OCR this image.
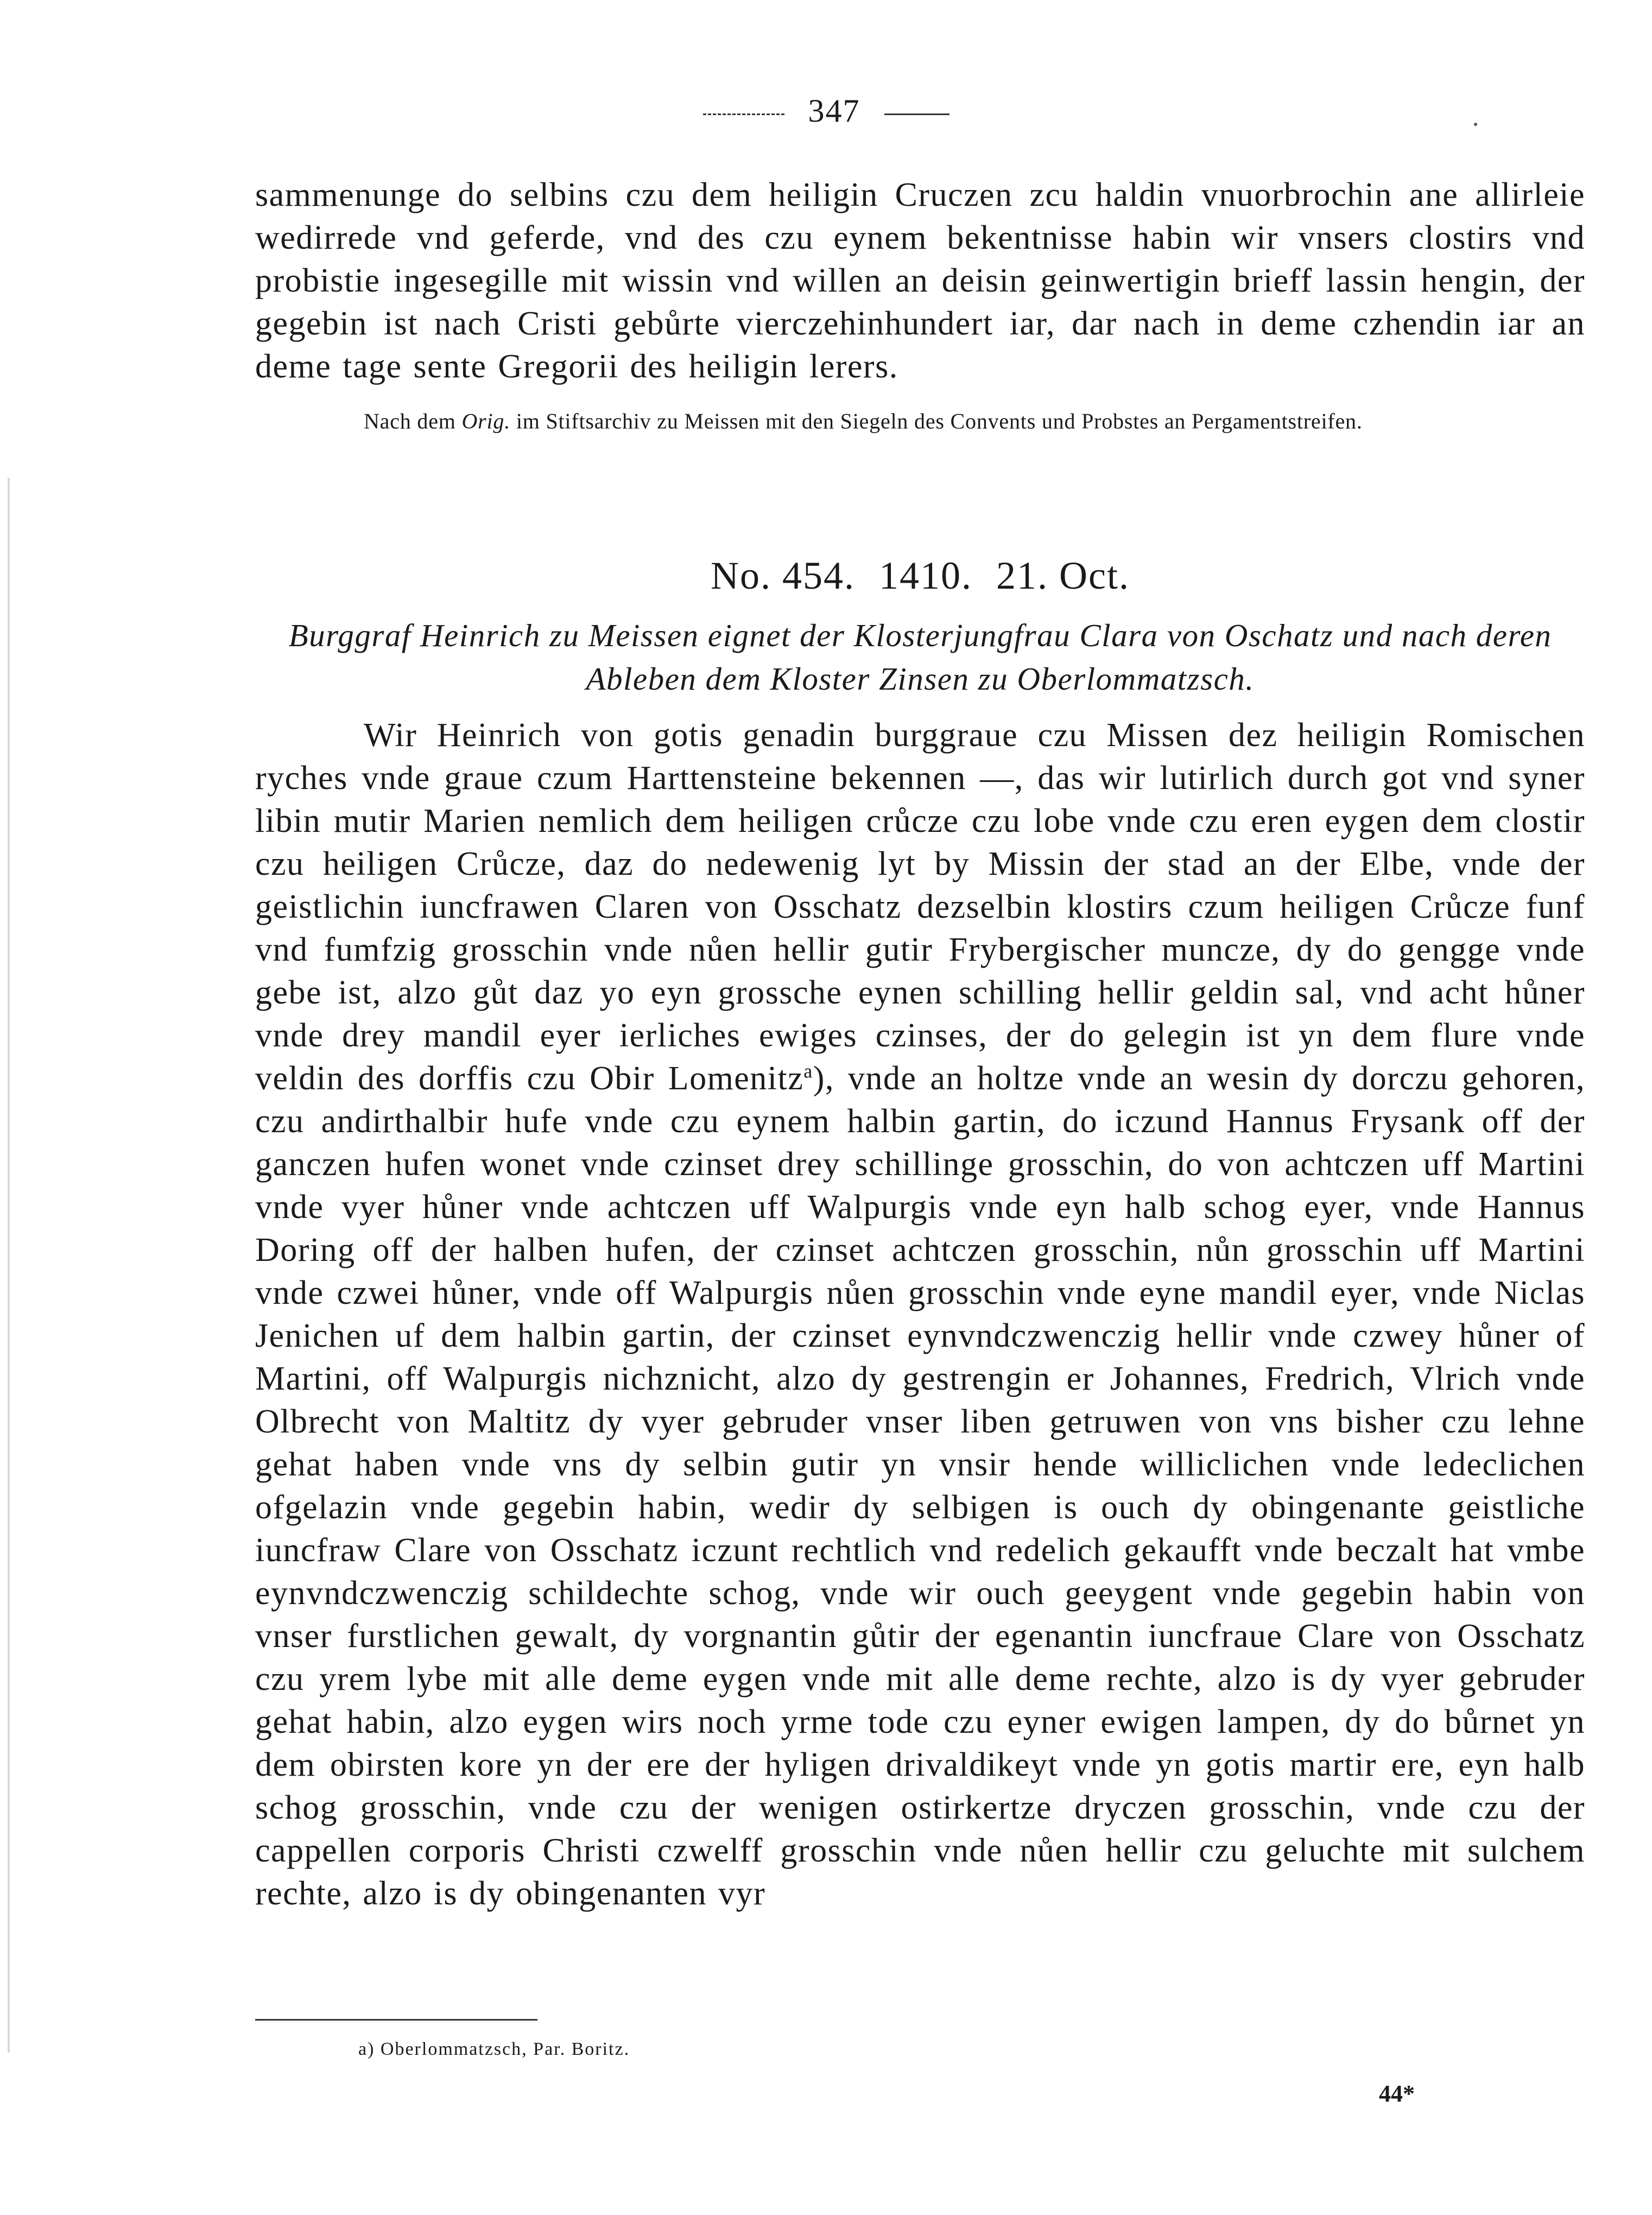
347

sammenunge do selbins czu dem heiligin Cruczen zcu haldin vnuorbrochin ane allirleie wedirrede vnd geferde, vnd des czu eynem bekentnisse habin wir vnsers clostirs vnd probistie ingesegille mit wissin vnd willen an deisin geinwertigin brieff lassin hengin, der gegebin ist nach Cristi gebůrte vierczehinhundert iar, dar nach in deme czhendin iar an deme tage sente Gregorii des heiligin lerers.

Nach dem Orig. im Stiftsarchiv zu Meissen mit den Siegeln des Convents und Probstes an Pergamentstreifen.

No. 454. 1410. 21. Oct.

Burggraf Heinrich zu Meissen eignet der Klosterjungfrau Clara von Oschatz und nach deren

Ableben dem Kloster Zinsen zu Oberlommatzsch.

Wir Heinrich von gotis genadin burggraue czu Missen dez heiligin Romischen ryches vnde graue czum Harttensteine bekennen —, das wir lutirlich durch got vnd syner libin mutir Marien nemlich dem heiligen crůcze czu lobe vnde czu eren eygen dem clostir czu heiligen Crůcze, daz do nedewenig lyt by Missin der stad an der Elbe, vnde der geistlichin iuncfrawen Claren von Osschatz dezselbin klostirs czum heiligen Crůcze funf vnd fumfzig grosschin vnde nůen hellir gutir Frybergischer muncze, dy do gengge vnde gebe ist, alzo gůt daz yo eyn grossche eynen schilling hellir geldin sal, vnd acht hůner vnde drey mandil eyer ierliches ewiges czinses, der do gelegin ist yn dem flure vnde veldin des dorffis czu Obir Lomenitz$^a$), vnde an holtze vnde an wesin dy dorczu gehoren, czu andirthalbir hufe vnde czu eynem halbin gartin, do iczund Hannus Frysank off der ganczen hufen wonet vnde czinset drey schillinge grosschin, do von achtczen uff Martini vnde vyer hůner vnde achtczen uff Walpurgis vnde eyn halb schog eyer, vnde Hannus Doring off der halben hufen, der czinset achtczen grosschin, nůn grosschin uff Martini vnde czwei hůner, vnde off Walpurgis nůen grosschin vnde eyne mandil eyer, vnde Niclas Jenichen uf dem halbin gartin, der czinset eynvndczwenczig hellir vnde czwey hůner of Martini, off Walpurgis nichznicht, alzo dy gestrengin er Johannes, Fredrich, Vlrich vnde Olbrecht von Maltitz dy vyer gebruder vnser liben getruwen von vns bisher czu lehne gehat haben vnde vns dy selbin gutir yn vnsir hende williclichen vnde ledeclichen ofgelazin vnde gegebin habin, wedir dy selbigen is ouch dy obingenante geistliche iuncfraw Clare von Osschatz iczunt rechtlich vnd redelich gekaufft vnde beczalt hat vmbe eynvndczwenczig schildechte schog, vnde wir ouch geeygent vnde gegebin habin von vnser furstlichen gewalt, dy vorgnantin gůtir der egenantin iuncfraue Clare von Osschatz czu yrem lybe mit alle deme eygen vnde mit alle deme rechte, alzo is dy vyer gebruder gehat habin, alzo eygen wirs noch yrme tode czu eyner ewigen lampen, dy do bůrnet yn dem obirsten kore yn der ere der hyligen drivaldikeyt vnde yn gotis martir ere, eyn halb schog grosschin, vnde czu der wenigen ostirkertze dryczen grosschin, vnde czu der cappellen corporis Christi czwelff grosschin vnde nůen hellir czu geluchte mit sulchem rechte, alzo is dy obingenanten vyr

a) Oberlommatzsch, Par. Boritz.
44*
